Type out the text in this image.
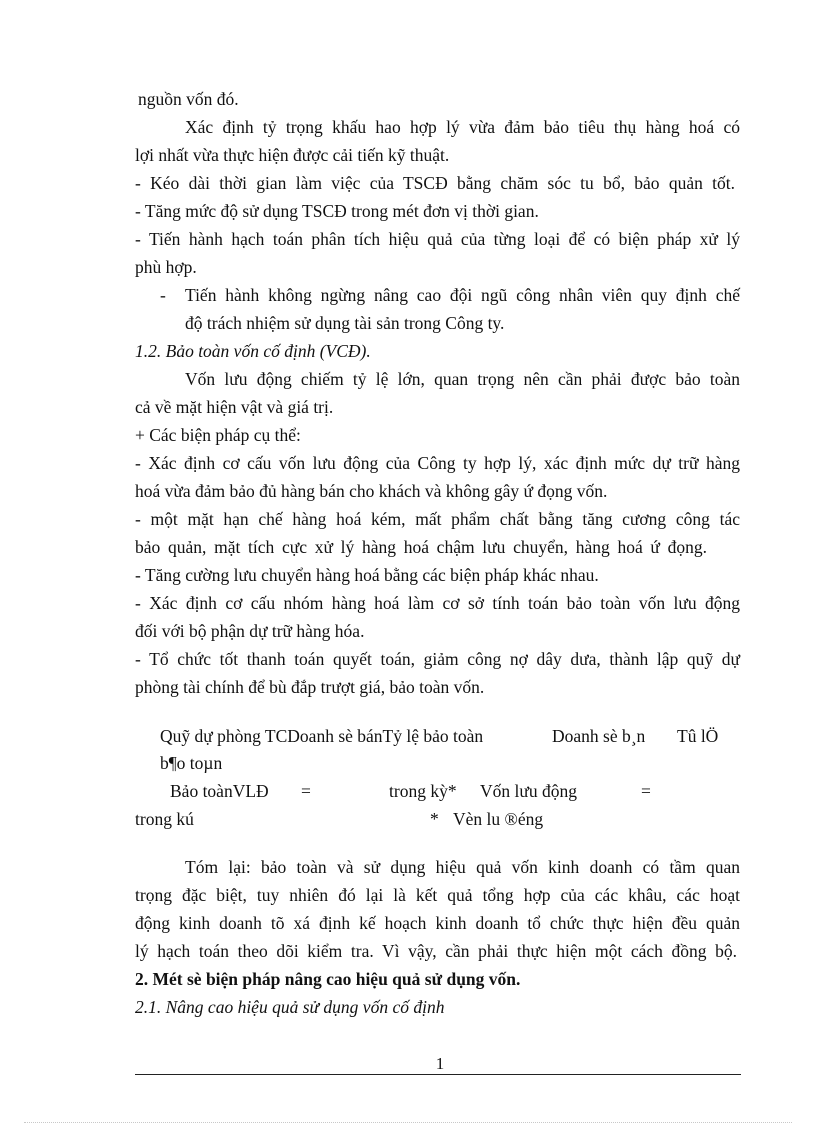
nguồn vốn đó.
Xác định tỷ trọng khấu hao hợp lý vừa đảm bảo tiêu thụ hàng hoá có
lợi nhất vừa thực hiện được cải tiến kỹ thuật.
- Kéo dài thời gian làm việc của TSCĐ bằng chăm sóc tu bổ, bảo quản tốt.
- Tăng mức độ sử dụng TSCĐ trong mét đơn vị thời gian.
- Tiến hành hạch toán phân tích hiệu quả của từng loại để có biện pháp xử lý
phù hợp.
- Tiến hành không ngừng nâng cao đội ngũ công nhân viên quy định chế
độ trách nhiệm sử dụng tài sản trong Công ty.
1.2. Bảo toàn vốn cố định (VCĐ).
Vốn lưu động chiếm tỷ lệ lớn, quan trọng nên cần phải được bảo toàn
cả về mặt hiện vật và giá trị.
+ Các biện pháp cụ thể:
- Xác định cơ cấu vốn lưu động của Công ty hợp lý, xác định mức dự trữ hàng
hoá vừa đảm bảo đủ hàng bán cho khách và không gây ứ đọng vốn.
- một mặt hạn chế hàng hoá kém, mất phẩm chất bằng tăng cương công tác
bảo quản, mặt tích cực xử lý hàng hoá chậm lưu chuyển, hàng hoá ứ đọng.
- Tăng cường lưu chuyển hàng hoá bằng các biện pháp khác nhau.
- Xác định cơ cấu nhóm hàng hoá làm cơ sở tính toán bảo toàn vốn lưu động
đối với bộ phận dự trữ hàng hóa.
- Tổ chức tốt thanh toán quyết toán, giảm công nợ dây dưa, thành lập quỹ dự
phòng tài chính để bù đắp trượt giá, bảo toàn vốn.
Quỹ dự phòng TCDoanh sè bánTỷ lệ bảo toàn	Doanh sè b¸n Tû lÖ
b¶o toµn
Bảo toànVLĐ =	trong kỳ* Vốn lưu động	=
trong kú	* Vèn lu ®éng
Tóm lại: bảo toàn và sử dụng hiệu quả vốn kinh doanh có tầm quan
trọng đặc biệt, tuy nhiên đó lại là kết quả tổng hợp của các khâu, các hoạt
động kinh doanh tõ xá định kế hoạch kinh doanh tổ chức thực hiện đều quản
lý hạch toán theo dõi kiểm tra. Vì vậy, cần phải thực hiện một cách đồng bộ.
2. Mét sè biện pháp nâng cao hiệu quả sử dụng vốn.
2.1. Nâng cao hiệu quả sử dụng vốn cố định
1
